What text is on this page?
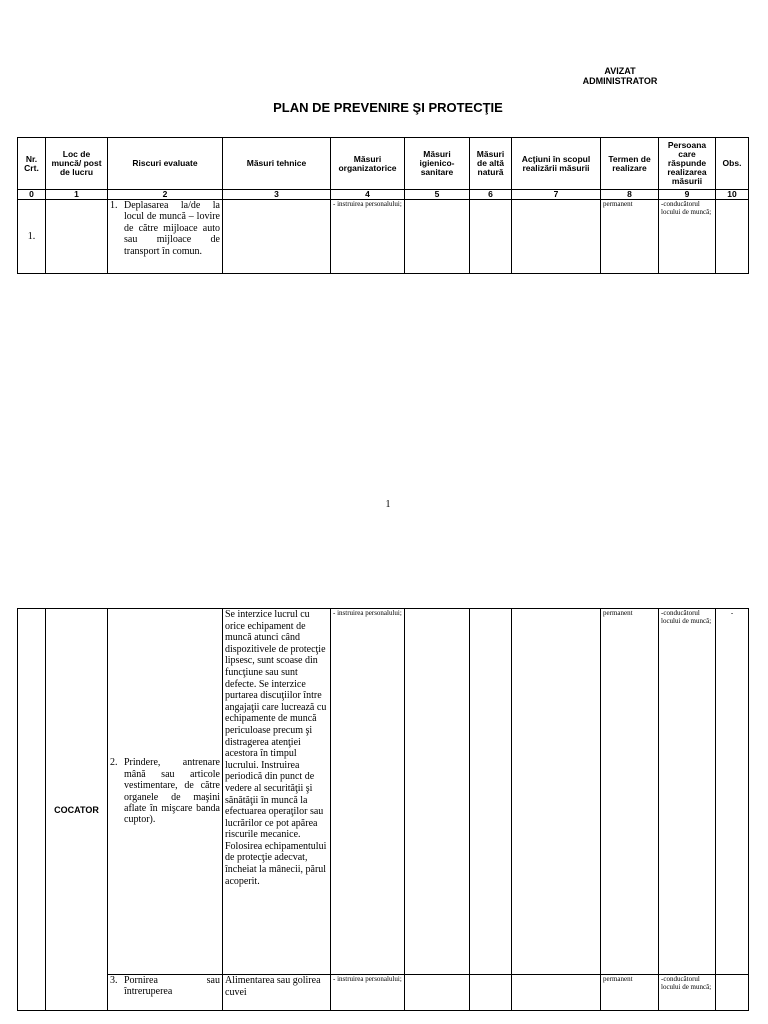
AVIZAT
ADMINISTRATOR
PLAN DE PREVENIRE ŞI PROTECŢIE
Nr. Crt.	Loc de muncă/ post de lucru	Riscuri evaluate	Măsuri tehnice	Măsuri organizatorice	Măsuri igienico-sanitare	Măsuri de altă natură	Acţiuni în scopul realizării măsurii	Termen de realizare	Persoana care răspunde realizarea măsurii	Obs.
0	1	2	3	4	5	6	7	8	9	10
1.		1. Deplasarea la/de la locul de muncă – lovire de către mijloace auto sau mijloace de transport în comun.		- instruirea personalului;				permanent	-conducătorul locului de muncă;	
1
	COCATOR	2. Prindere, antrenare mână sau articole vestimentare, de către organele de maşini aflate în mişcare banda cuptor).	Se interzice lucrul cu orice echipament de muncă atunci când dispozitivele de protecţie lipsesc, sunt scoase din funcţiune sau sunt defecte. Se interzice purtarea discuţiilor între angajaţii care lucrează cu echipamente de muncă periculoase precum şi distragerea atenţiei acestora în timpul lucrului. Instruirea periodică din punct de vedere al securităţii şi sănătăţii în muncă la efectuarea operaţilor sau lucrărilor ce pot apărea riscurile mecanice. Folosirea echipamentului de protecţie adecvat, încheiat la mânecii, părul acoperit.	- instruirea personalului;				permanent	-conducătorul locului de muncă;	-

		3. Pornirea sau întreruperea	Alimentarea sau golirea cuvei	- instruirea personalului;				permanent	-conducătorul locului de muncă;	
